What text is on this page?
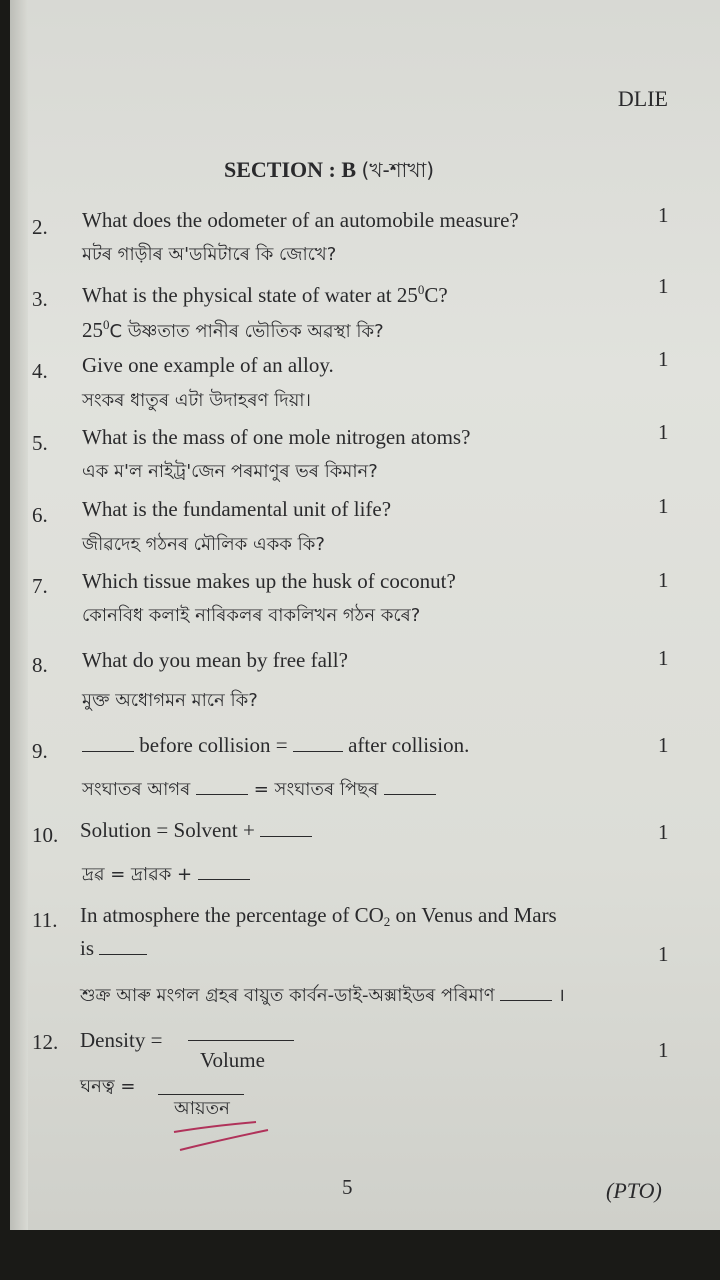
DLIE
SECTION : B (খ-শাখা)
2. What does the odometer of an automobile measure?	1
মটৰ গাড়ীৰ অ'ডমিটাৰে কি জোখে?
3. What is the physical state of water at $25^0C$?	1
$25^0C$ উষ্ণতাত পানীৰ ভৌতিক অৱস্থা কি?
4. Give one example of an alloy.	1
সংকৰ ধাতুৰ এটা উদাহৰণ দিয়া।
5. What is the mass of one mole nitrogen atoms?	1
এক ম'ল নাইট্ৰ'জেন পৰমাণুৰ ভৰ কিমান?
6. What is the fundamental unit of life?	1
জীৱদেহ গঠনৰ মৌলিক একক কি?
7. Which tissue makes up the husk of coconut?	1
কোনবিধ কলাই নাৰিকলৰ বাকলিখন গঠন কৰে?
8. What do you mean by free fall?	1
মুক্ত অধোগমন মানে কি?
9.	before collision =	after collision.	1
সংঘাতৰ আগৰ	= সংঘাতৰ পিছৰ
10. Solution = Solvent +	1
দ্ৰৱ = দ্ৰাৱক +
11. In atmosphere the percentage of $CO_2$ on Venus and Mars
is	1
শুক্ৰ আৰু মংগল গ্ৰহৰ বায়ুত কাৰ্বন-ডাই-অক্সাইডৰ পৰিমাণ	।
12. Density =
Volume	1
ঘনত্ব =
আয়তন
5	(PTO)
